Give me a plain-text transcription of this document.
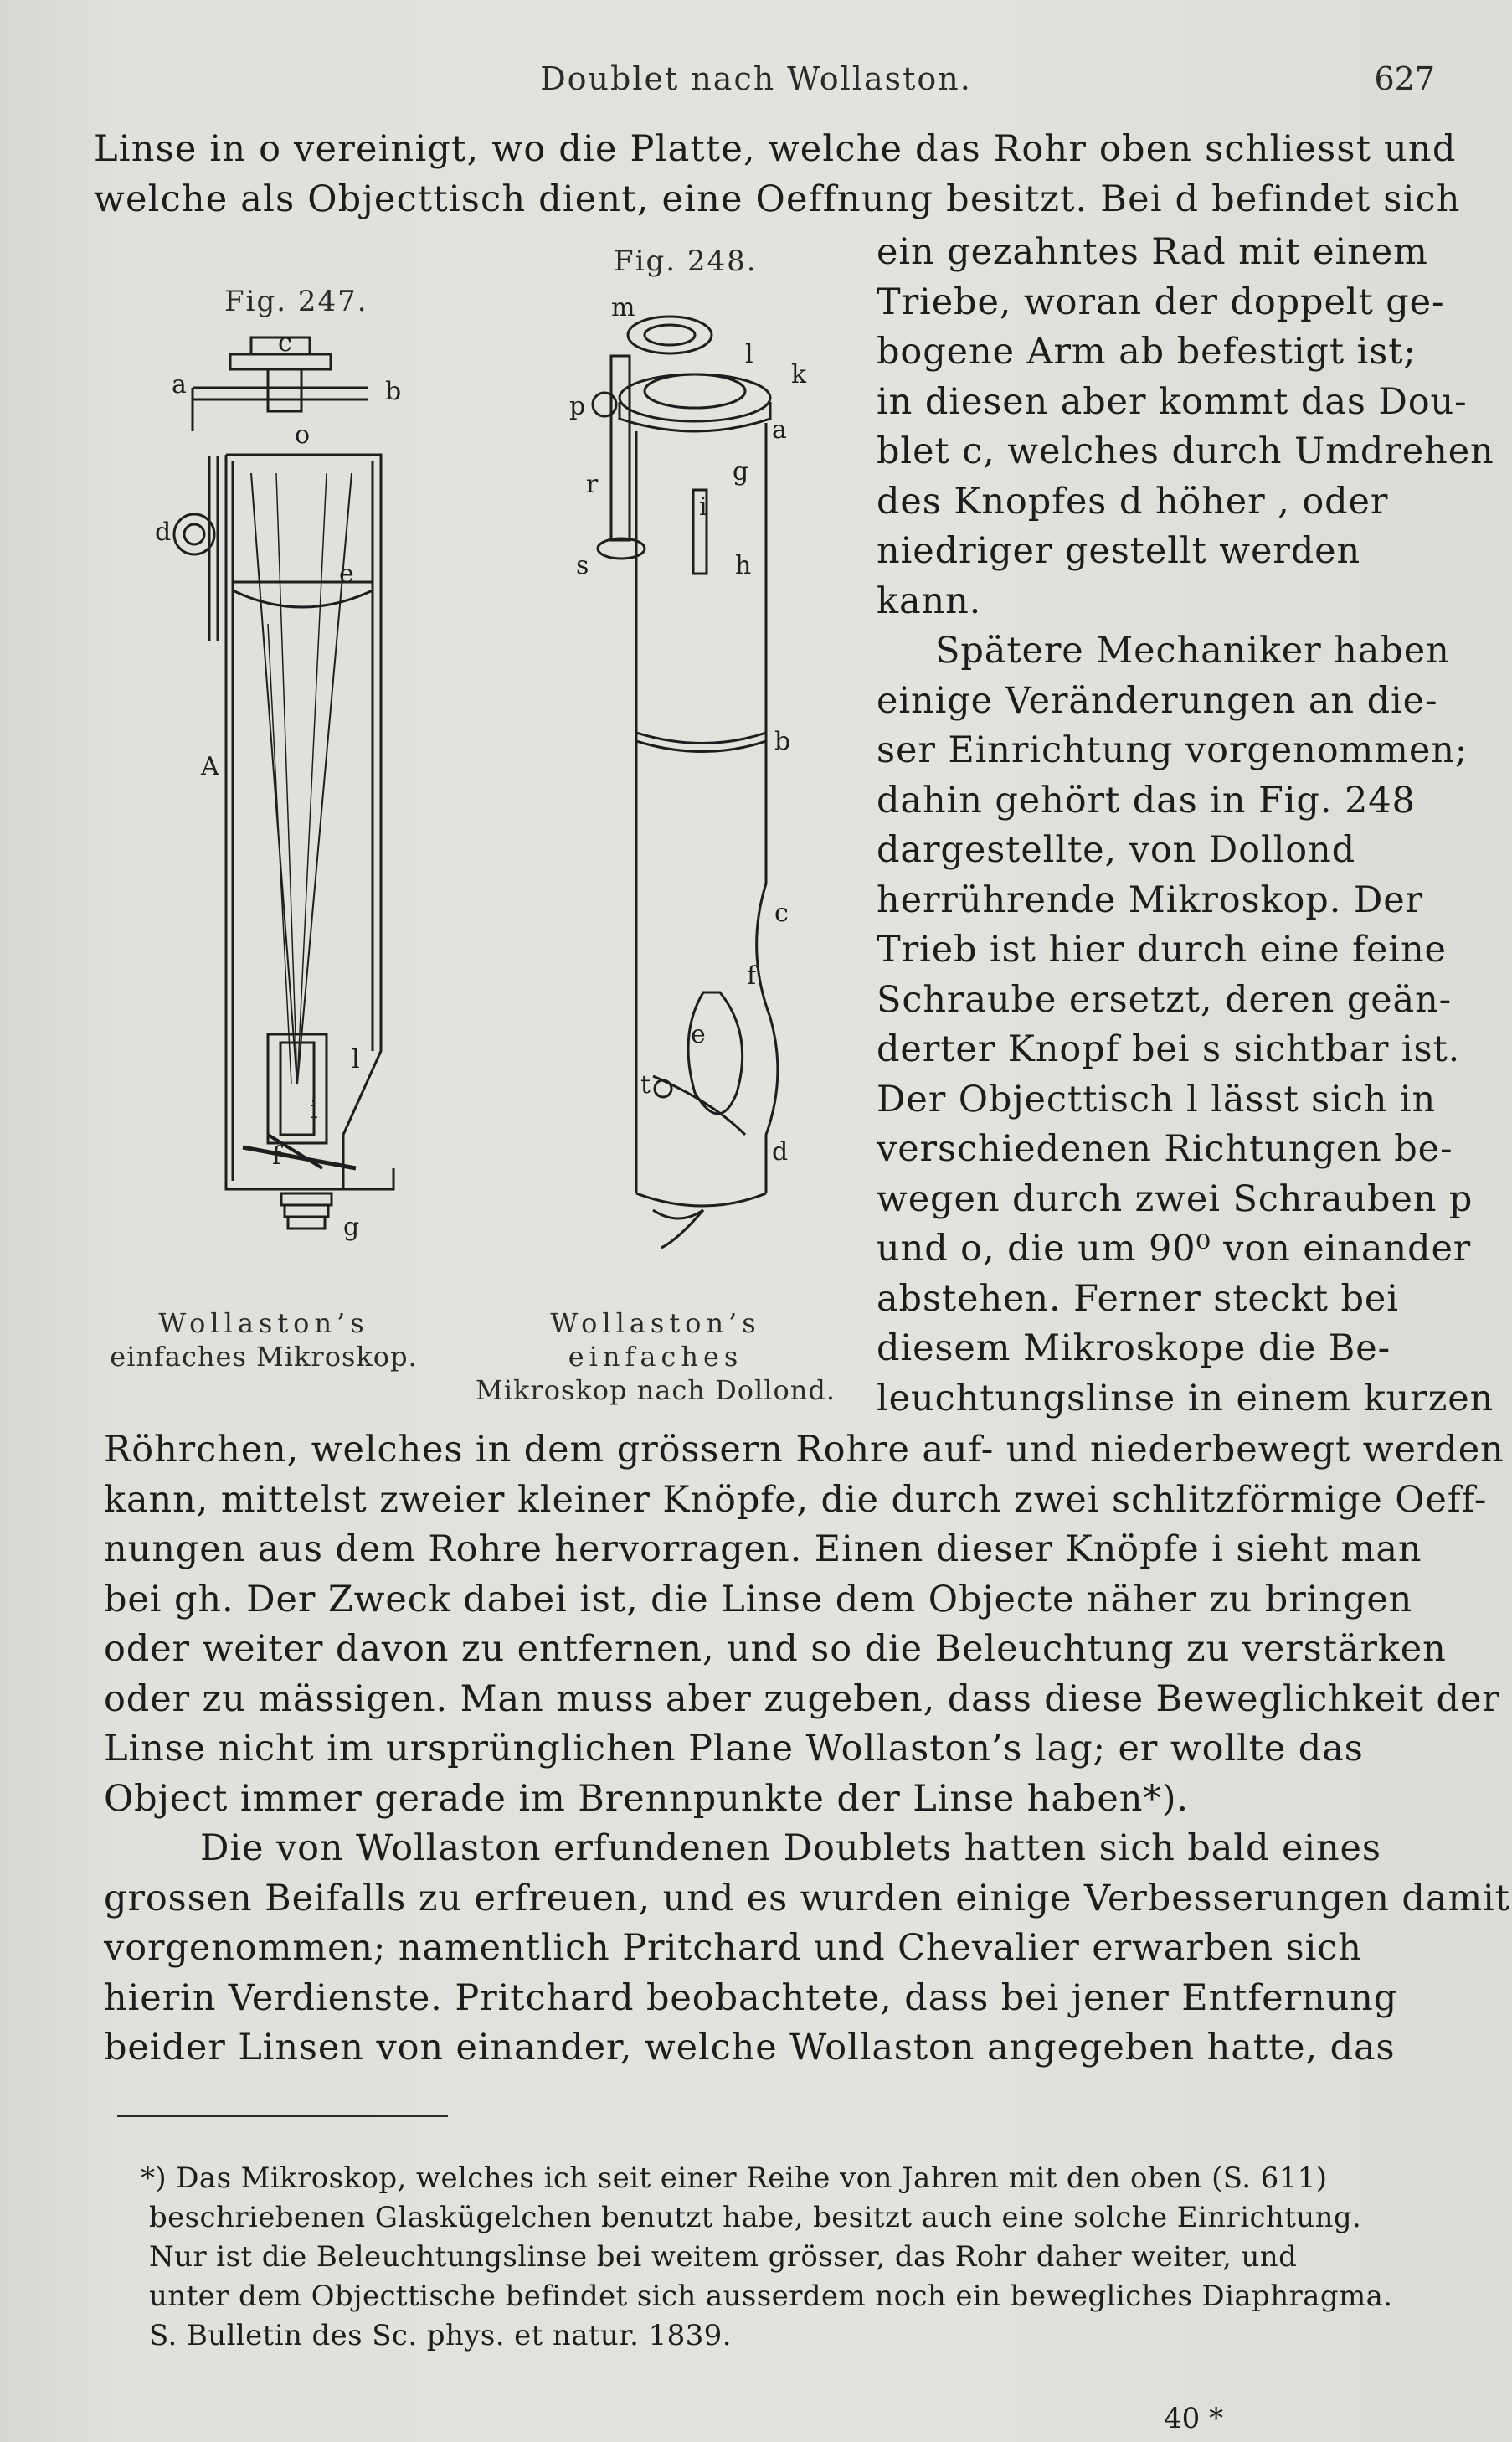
Doublet nach Wollaston.	627
Linse in o vereinigt, wo die Platte, welche das Rohr oben schliesst und
welche als Objecttisch dient, eine Oeffnung besitzt. Bei d befindet sich
Fig. 247.
a
c
b
o
d
e
A
l
i
f
g
Wollaston’s
einfaches Mikroskop.
Fig. 248.
m
l
k
p
a
g
r
i
s	h
b
c
f
e
t
d
Wollaston’s einfaches
Mikroskop nach Dollond.
ein gezahntes Rad mit einem
Triebe, woran der doppelt ge-
bogene Arm ab befestigt ist;
in diesen aber kommt das Dou-
blet c, welches durch Umdrehen
des Knopfes d höher , oder
niedriger gestellt werden
kann.
Spätere Mechaniker haben
einige Veränderungen an die-
ser Einrichtung vorgenommen;
dahin gehört das in Fig. 248
dargestellte, von Dollond
herrührende Mikroskop. Der
Trieb ist hier durch eine feine
Schraube ersetzt, deren geän-
derter Knopf bei s sichtbar ist.
Der Objecttisch l lässt sich in
verschiedenen Richtungen be-
wegen durch zwei Schrauben p
und o, die um 90⁰ von einander
abstehen. Ferner steckt bei
diesem Mikroskope die Be-
leuchtungslinse in einem kurzen
Röhrchen, welches in dem grössern Rohre auf- und niederbewegt werden
kann, mittelst zweier kleiner Knöpfe, die durch zwei schlitzförmige Oeff-
nungen aus dem Rohre hervorragen. Einen dieser Knöpfe i sieht man
bei gh. Der Zweck dabei ist, die Linse dem Objecte näher zu bringen
oder weiter davon zu entfernen, und so die Beleuchtung zu verstärken
oder zu mässigen. Man muss aber zugeben, dass diese Beweglichkeit der
Linse nicht im ursprünglichen Plane Wollaston’s lag; er wollte das
Object immer gerade im Brennpunkte der Linse haben*).
Die von Wollaston erfundenen Doublets hatten sich bald eines
grossen Beifalls zu erfreuen, und es wurden einige Verbesserungen damit
vorgenommen; namentlich Pritchard und Chevalier erwarben sich
hierin Verdienste. Pritchard beobachtete, dass bei jener Entfernung
beider Linsen von einander, welche Wollaston angegeben hatte, das
*) Das Mikroskop, welches ich seit einer Reihe von Jahren mit den oben (S. 611)
beschriebenen Glaskügelchen benutzt habe, besitzt auch eine solche Einrichtung.
Nur ist die Beleuchtungslinse bei weitem grösser, das Rohr daher weiter, und
unter dem Objecttische befindet sich ausserdem noch ein bewegliches Diaphragma.
S. Bulletin des Sc. phys. et natur. 1839.
40 *
